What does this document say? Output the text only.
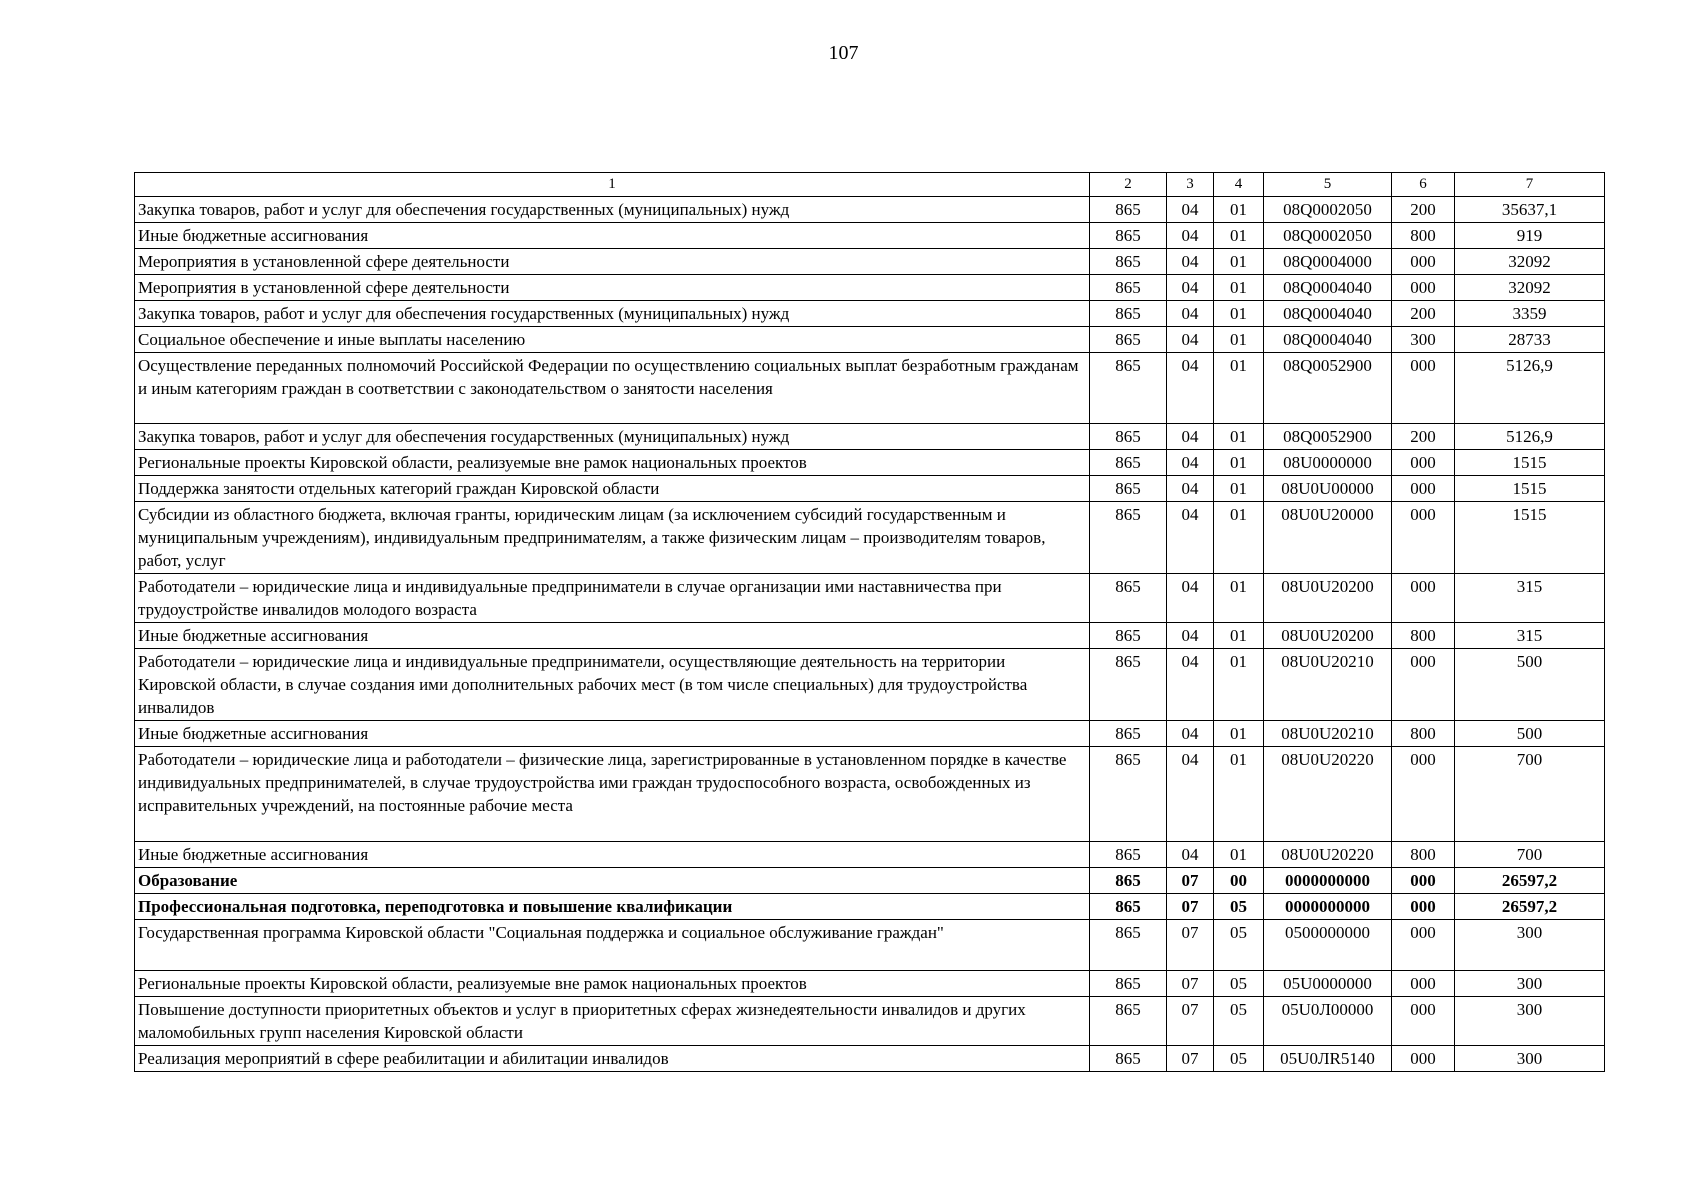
107
1	2	3	4	5	6	7
Закупка товаров, работ и услуг для обеспечения государственных (муниципальных) нужд	865	04	01	08Q0002050	200	35637,1
Иные бюджетные ассигнования	865	04	01	08Q0002050	800	919
Мероприятия в установленной сфере деятельности	865	04	01	08Q0004000	000	32092
Мероприятия в установленной сфере деятельности	865	04	01	08Q0004040	000	32092
Закупка товаров, работ и услуг для обеспечения государственных (муниципальных) нужд	865	04	01	08Q0004040	200	3359
Социальное обеспечение и иные выплаты населению	865	04	01	08Q0004040	300	28733
Осуществление переданных полномочий Российской Федерации по осуществлению социальных выплат безработным гражданам и иным категориям граждан в соответствии с законодательством о занятости населения	865	04	01	08Q0052900	000	5126,9
Закупка товаров, работ и услуг для обеспечения государственных (муниципальных) нужд	865	04	01	08Q0052900	200	5126,9
Региональные проекты Кировской области, реализуемые вне рамок национальных проектов	865	04	01	08U0000000	000	1515
Поддержка занятости отдельных категорий граждан Кировской области	865	04	01	08U0U00000	000	1515
Субсидии из областного бюджета, включая гранты, юридическим лицам (за исключением субсидий государственным и муниципальным учреждениям), индивидуальным предпринимателям, а также физическим лицам – производителям товаров, работ, услуг	865	04	01	08U0U20000	000	1515
Работодатели – юридические лица и индивидуальные предприниматели в случае организации ими наставничества при трудоустройстве инвалидов молодого возраста	865	04	01	08U0U20200	000	315
Иные бюджетные ассигнования	865	04	01	08U0U20200	800	315
Работодатели – юридические лица и индивидуальные предприниматели, осуществляющие деятельность на территории Кировской области, в случае создания ими дополнительных рабочих мест (в том числе специальных) для трудоустройства инвалидов	865	04	01	08U0U20210	000	500
Иные бюджетные ассигнования	865	04	01	08U0U20210	800	500
Работодатели – юридические лица и работодатели – физические лица, зарегистрированные в установленном порядке в качестве индивидуальных предпринимателей, в случае трудоустройства ими граждан трудоспособного возраста, освобожденных из исправительных учреждений, на постоянные рабочие места	865	04	01	08U0U20220	000	700
Иные бюджетные ассигнования	865	04	01	08U0U20220	800	700
Образование	865	07	00	0000000000	000	26597,2
Профессиональная подготовка, переподготовка и повышение квалификации	865	07	05	0000000000	000	26597,2
Государственная программа Кировской области "Социальная поддержка и социальное обслуживание граждан"	865	07	05	0500000000	000	300
Региональные проекты Кировской области, реализуемые вне рамок национальных проектов	865	07	05	05U0000000	000	300
Повышение доступности приоритетных объектов и услуг в приоритетных сферах жизнедеятельности инвалидов и других маломобильных групп населения Кировской области	865	07	05	05U0Л00000	000	300
Реализация мероприятий в сфере реабилитации и абилитации инвалидов	865	07	05	05U0ЛR5140	000	300
